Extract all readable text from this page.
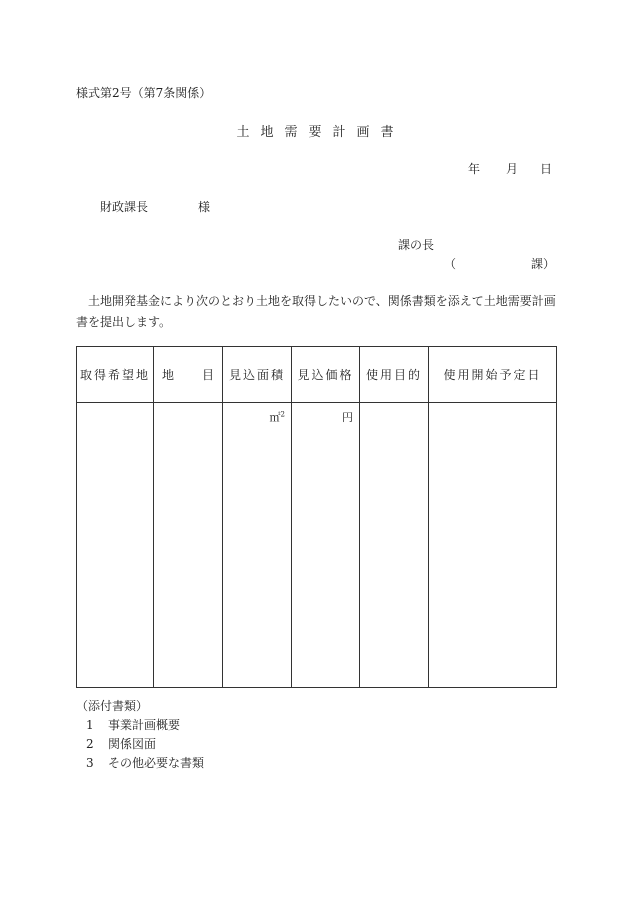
様式第2号（第7条関係）
土地需要計画書
年 月 日
財政課長	様
課の長
（	課）
土地開発基金により次のとおり土地を取得したいので、関係書類を添えて土地需要計画書を提出します。
取得希望地	地 目	見込面積	見込価格	使用目的	使用開始予定日

		㎡$^2$	円		

（添付書類）
1 事業計画概要
2 関係図面
3 その他必要な書類
